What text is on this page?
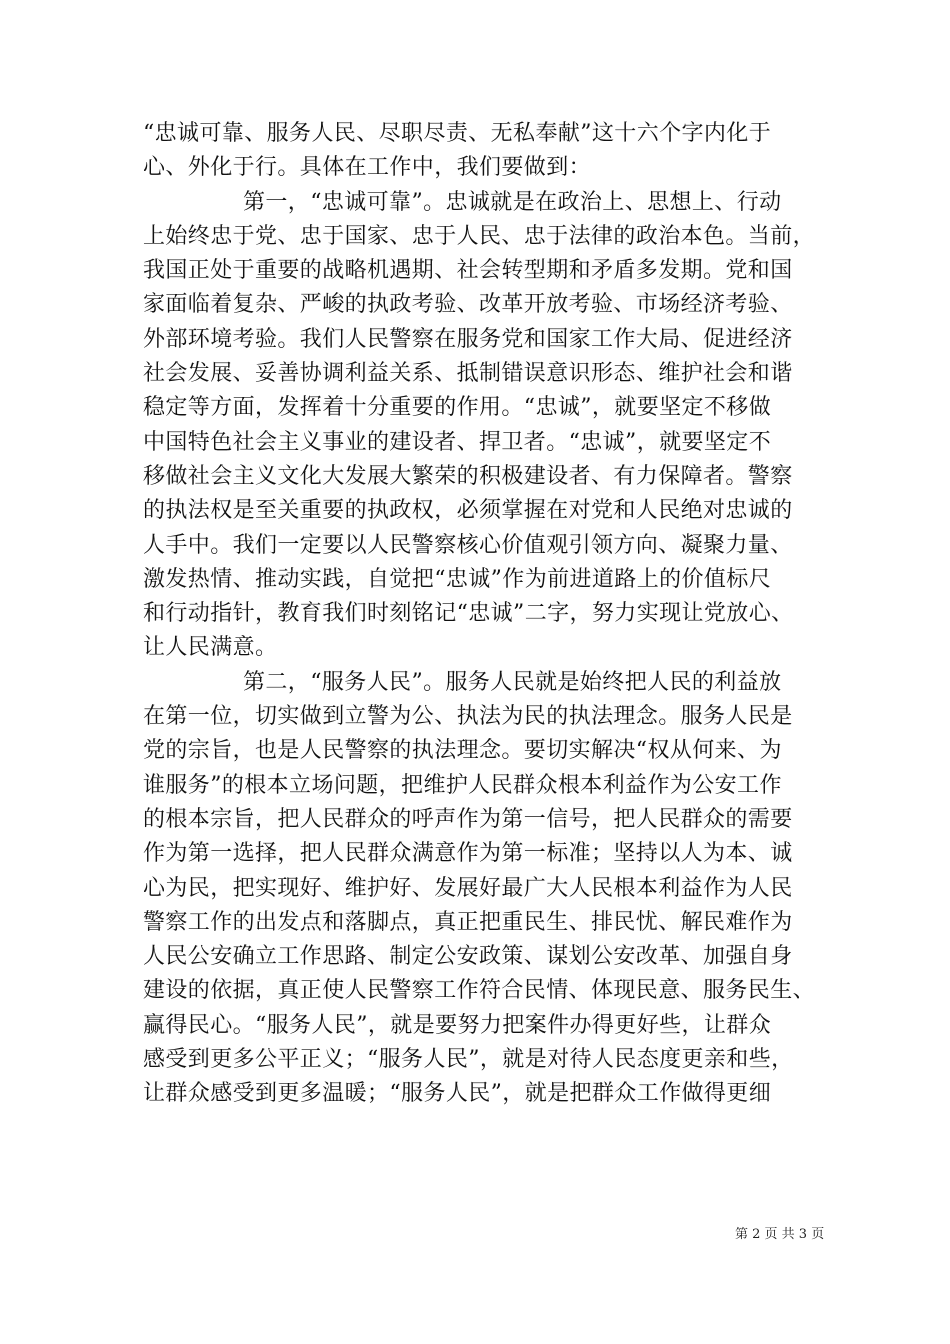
“忠诚可靠、服务人民、尽职尽责、无私奉献”这十六个字内化于
心、外化于行。具体在工作中，我们要做到：
第一，“忠诚可靠”。忠诚就是在政治上、思想上、行动
上始终忠于党、忠于国家、忠于人民、忠于法律的政治本色。当前，
我国正处于重要的战略机遇期、社会转型期和矛盾多发期。党和国
家面临着复杂、严峻的执政考验、改革开放考验、市场经济考验、
外部环境考验。我们人民警察在服务党和国家工作大局、促进经济
社会发展、妥善协调利益关系、抵制错误意识形态、维护社会和谐
稳定等方面，发挥着十分重要的作用。“忠诚”，就要坚定不移做
中国特色社会主义事业的建设者、捍卫者。“忠诚”，就要坚定不
移做社会主义文化大发展大繁荣的积极建设者、有力保障者。警察
的执法权是至关重要的执政权，必须掌握在对党和人民绝对忠诚的
人手中。我们一定要以人民警察核心价值观引领方向、凝聚力量、
激发热情、推动实践，自觉把“忠诚”作为前进道路上的价值标尺
和行动指针，教育我们时刻铭记“忠诚”二字，努力实现让党放心、
让人民满意。
第二，“服务人民”。服务人民就是始终把人民的利益放
在第一位，切实做到立警为公、执法为民的执法理念。服务人民是
党的宗旨，也是人民警察的执法理念。要切实解决“权从何来、为
谁服务”的根本立场问题，把维护人民群众根本利益作为公安工作
的根本宗旨，把人民群众的呼声作为第一信号，把人民群众的需要
作为第一选择，把人民群众满意作为第一标准；坚持以人为本、诚
心为民，把实现好、维护好、发展好最广大人民根本利益作为人民
警察工作的出发点和落脚点，真正把重民生、排民忧、解民难作为
人民公安确立工作思路、制定公安政策、谋划公安改革、加强自身
建设的依据，真正使人民警察工作符合民情、体现民意、服务民生、
赢得民心。“服务人民”，就是要努力把案件办得更好些，让群众
感受到更多公平正义；“服务人民”，就是对待人民态度更亲和些，
让群众感受到更多温暖；“服务人民”，就是把群众工作做得更细
第 2 页 共 3 页
